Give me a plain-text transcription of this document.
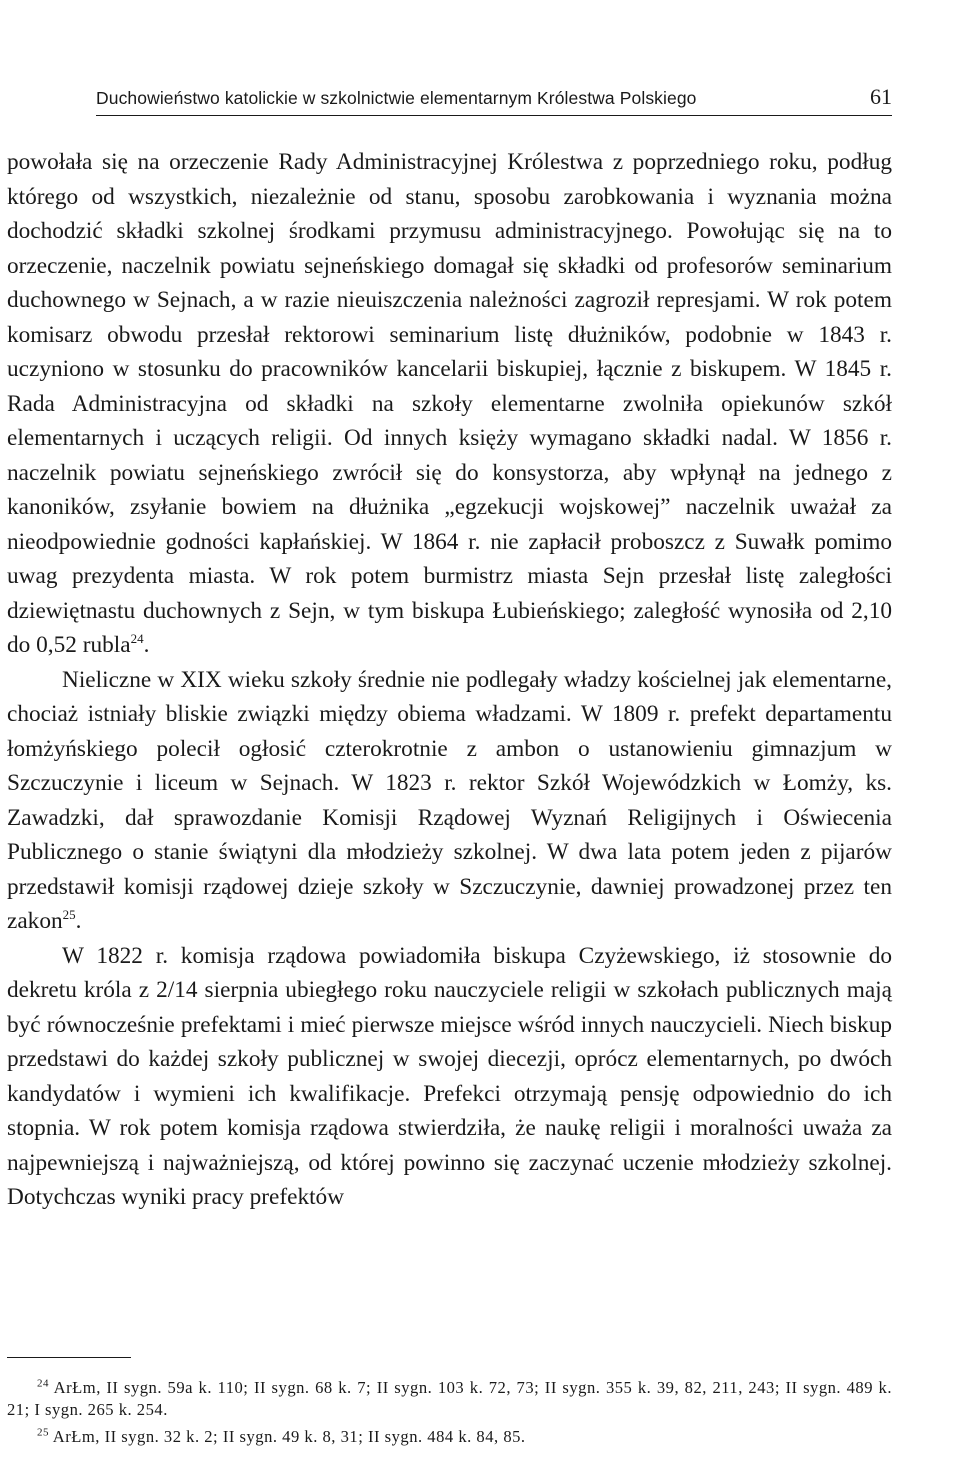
Duchowieństwo katolickie w szkolnictwie elementarnym Królestwa Polskiego	61

powołała się na orzeczenie Rady Administracyjnej Królestwa z poprzedniego roku, podług którego od wszystkich, niezależnie od stanu, sposobu zarobkowania i wyznania można dochodzić składki szkolnej środkami przymusu administracyjnego. Powołując się na to orzeczenie, naczelnik powiatu sejneńskiego domagał się składki od profesorów seminarium duchownego w Sejnach, a w razie nieuiszczenia należności zagroził represjami. W rok potem komisarz obwodu przesłał rektorowi seminarium listę dłużników, podobnie w 1843 r. uczyniono w stosunku do pracowników kancelarii biskupiej, łącznie z biskupem. W 1845 r. Rada Administracyjna od składki na szkoły elementarne zwolniła opiekunów szkół elementarnych i uczących religii. Od innych księży wymagano składki nadal. W 1856 r. naczelnik powiatu sejneńskiego zwrócił się do konsystorza, aby wpłynął na jednego z kanoników, zsyłanie bowiem na dłużnika „egzekucji wojskowej” naczelnik uważał za nieodpowiednie godności kapłańskiej. W 1864 r. nie zapłacił proboszcz z Suwałk pomimo uwag prezydenta miasta. W rok potem burmistrz miasta Sejn przesłał listę zaległości dziewiętnastu duchownych z Sejn, w tym biskupa Łubieńskiego; zaległość wynosiła od 2,10 do 0,52 rubla$^{24}$.

Nieliczne w XIX wieku szkoły średnie nie podlegały władzy kościelnej jak elementarne, chociaż istniały bliskie związki między obiema władzami. W 1809 r. prefekt departamentu łomżyńskiego polecił ogłosić czterokrotnie z ambon o ustanowieniu gimnazjum w Szczuczynie i liceum w Sejnach. W 1823 r. rektor Szkół Wojewódzkich w Łomży, ks. Zawadzki, dał sprawozdanie Komisji Rządowej Wyznań Religijnych i Oświecenia Publicznego o stanie świątyni dla młodzieży szkolnej. W dwa lata potem jeden z pijarów przedstawił komisji rządowej dzieje szkoły w Szczuczynie, dawniej prowadzonej przez ten zakon$^{25}$.

W 1822 r. komisja rządowa powiadomiła biskupa Czyżewskiego, iż stosownie do dekretu króla z 2/14 sierpnia ubiegłego roku nauczyciele religii w szkołach publicznych mają być równocześnie prefektami i mieć pierwsze miejsce wśród innych nauczycieli. Niech biskup przedstawi do każdej szkoły publicznej w swojej diecezji, oprócz elementarnych, po dwóch kandydatów i wymieni ich kwalifikacje. Prefekci otrzymają pensję odpowiednio do ich stopnia. W rok potem komisja rządowa stwierdziła, że naukę religii i moralności uważa za najpewniejszą i najważniejszą, od której powinno się zaczynać uczenie młodzieży szkolnej. Dotychczas wyniki pracy prefektów

$^{24}$ ArŁm, II sygn. 59a k. 110; II sygn. 68 k. 7; II sygn. 103 k. 72, 73; II sygn. 355 k. 39, 82, 211, 243; II sygn. 489 k. 21; I sygn. 265 k. 254.

$^{25}$ ArŁm, II sygn. 32 k. 2; II sygn. 49 k. 8, 31; II sygn. 484 k. 84, 85.
